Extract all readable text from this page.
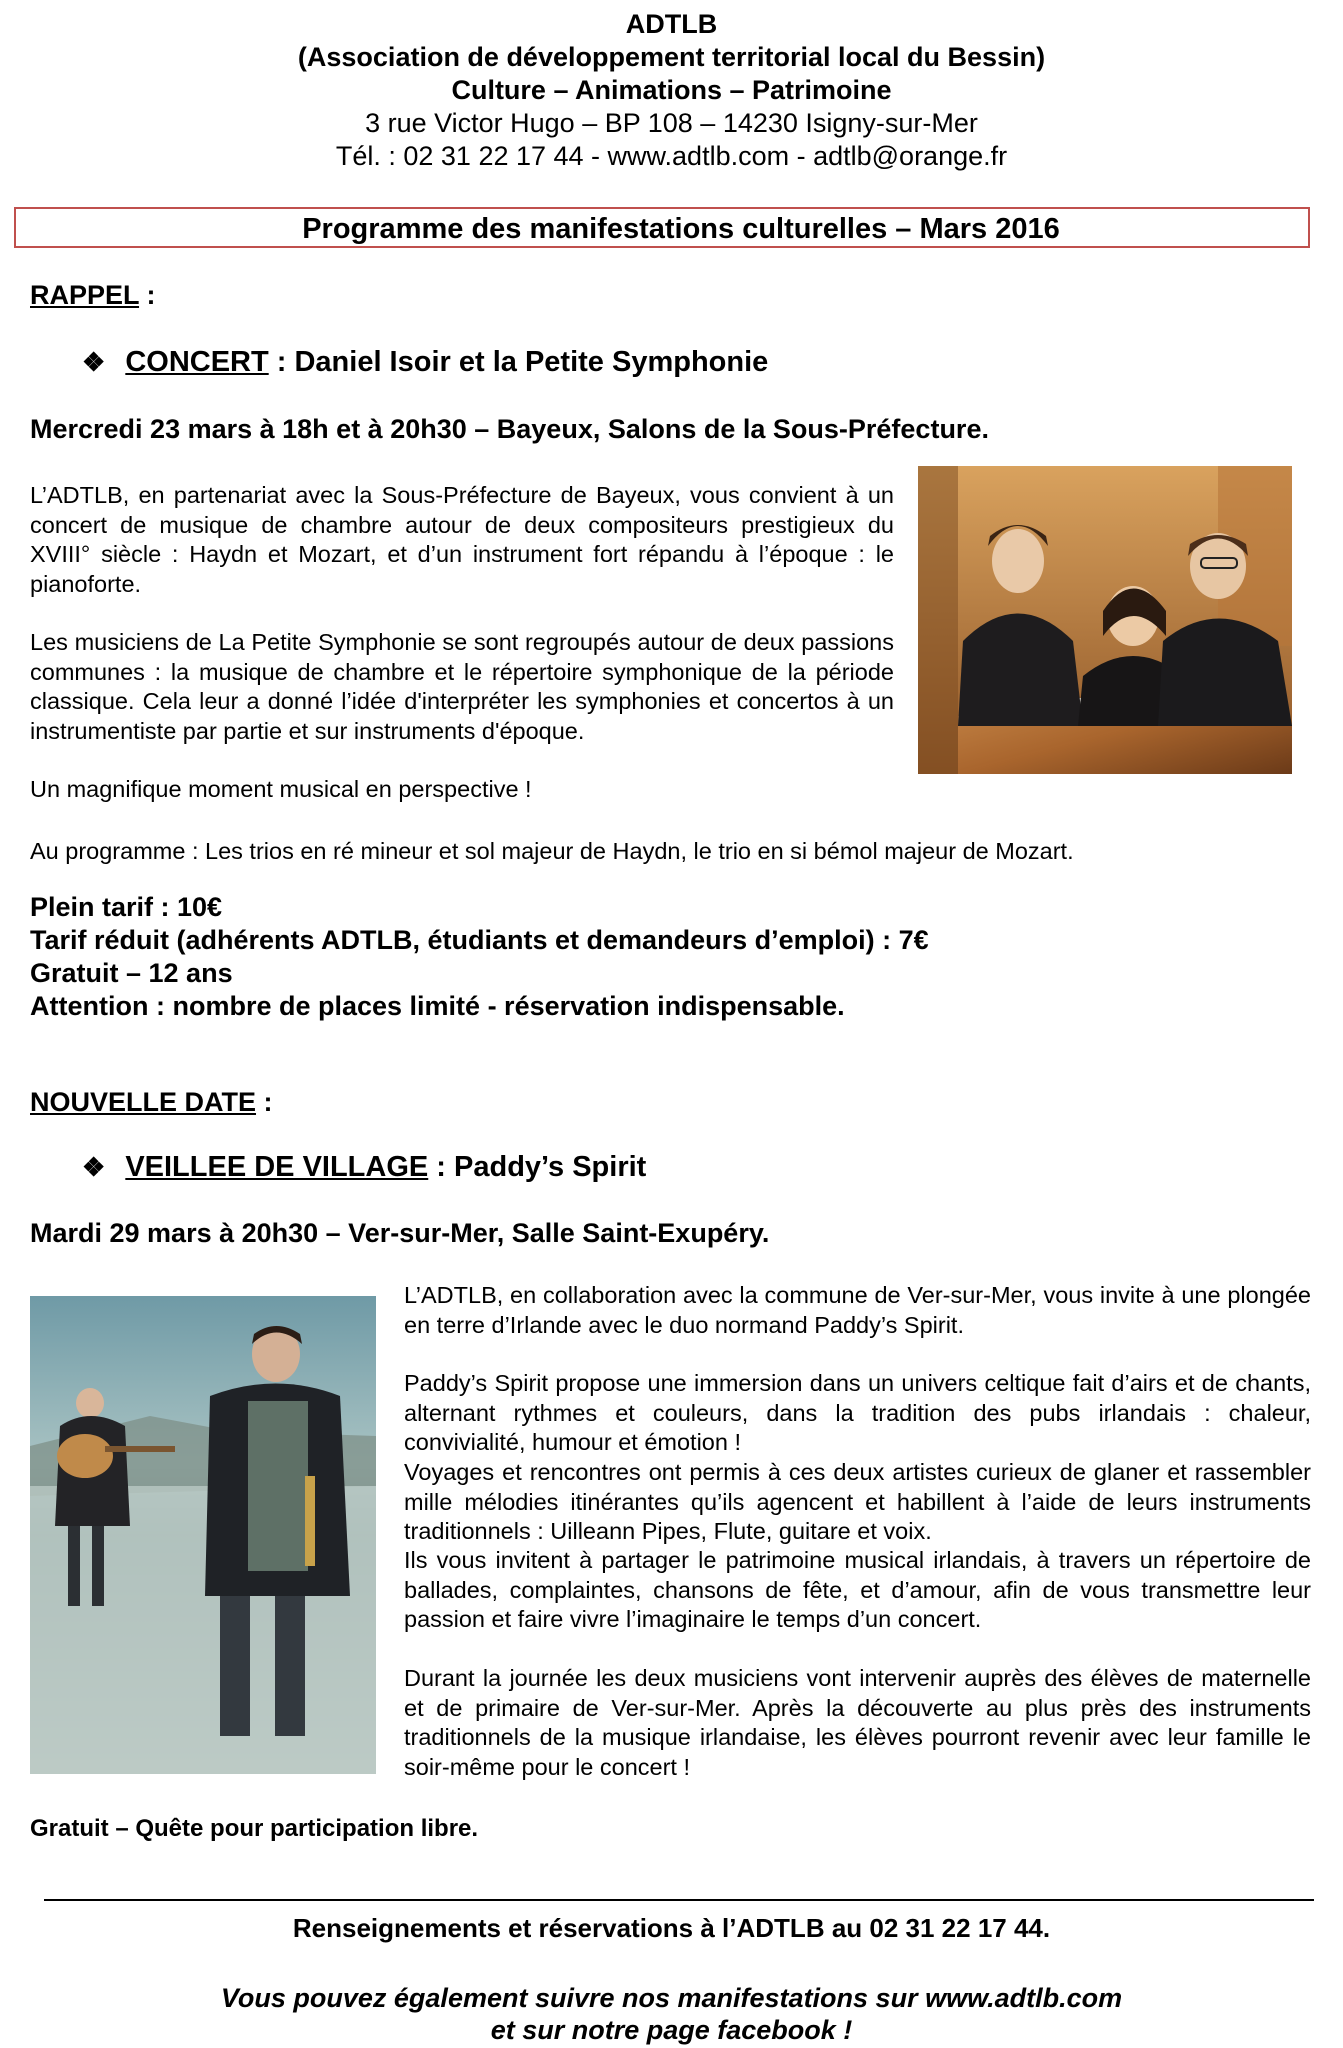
ADTLB
(Association de développement territorial local du Bessin)
Culture – Animations – Patrimoine
3 rue Victor Hugo – BP 108 – 14230 Isigny-sur-Mer
Tél. : 02 31 22 17 44 - www.adtlb.com - adtlb@orange.fr
Programme des manifestations culturelles – Mars 2016
RAPPEL :
❖ CONCERT : Daniel Isoir et la Petite Symphonie
Mercredi 23 mars à 18h et à 20h30 – Bayeux, Salons de la Sous-Préfecture.
L’ADTLB, en partenariat avec la Sous-Préfecture de Bayeux, vous convient à un concert de musique de chambre autour de deux compositeurs prestigieux du XVIII° siècle : Haydn et Mozart, et d’un instrument fort répandu à l’époque : le pianoforte.
Les musiciens de La Petite Symphonie se sont regroupés autour de deux passions communes : la musique de chambre et le répertoire symphonique de la période classique. Cela leur a donné l’idée d'interpréter les symphonies et concertos à un instrumentiste par partie et sur instruments d'époque.
Un magnifique moment musical en perspective !
Au programme : Les trios en ré mineur et sol majeur de Haydn, le trio en si bémol majeur de Mozart.
Plein tarif : 10€
Tarif réduit (adhérents ADTLB, étudiants et demandeurs d’emploi) : 7€
Gratuit – 12 ans
Attention : nombre de places limité - réservation indispensable.
NOUVELLE DATE :
❖ VEILLEE DE VILLAGE : Paddy’s Spirit
Mardi 29 mars à 20h30 – Ver-sur-Mer, Salle Saint-Exupéry.
L’ADTLB, en collaboration avec la commune de Ver-sur-Mer, vous invite à une plongée en terre d’Irlande avec le duo normand Paddy’s Spirit.
Paddy’s Spirit propose une immersion dans un univers celtique fait d’airs et de chants, alternant rythmes et couleurs, dans la tradition des pubs irlandais : chaleur, convivialité, humour et émotion !
Voyages et rencontres ont permis à ces deux artistes curieux de glaner et rassembler mille mélodies itinérantes qu’ils agencent et habillent à l’aide de leurs instruments traditionnels : Uilleann Pipes, Flute, guitare et voix.
Ils vous invitent à partager le patrimoine musical irlandais, à travers un répertoire de ballades, complaintes, chansons de fête, et d’amour, afin de vous transmettre leur passion et faire vivre l’imaginaire le temps d’un concert.
Durant la journée les deux musiciens vont intervenir auprès des élèves de maternelle et de primaire de Ver-sur-Mer. Après la découverte au plus près des instruments traditionnels de la musique irlandaise, les élèves pourront revenir avec leur famille le soir-même pour le concert !
Gratuit – Quête pour participation libre.
Renseignements et réservations à l’ADTLB au 02 31 22 17 44.
Vous pouvez également suivre nos manifestations sur www.adtlb.com
et sur notre page facebook !
